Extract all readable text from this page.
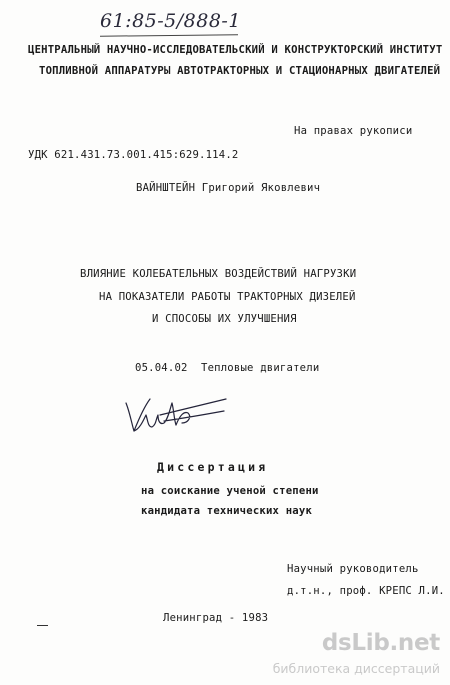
61:85-5/888-1
ЦЕНТРАЛЬНЫЙ НАУЧНО-ИССЛЕДОВАТЕЛЬСКИЙ И КОНСТРУКТОРСКИЙ ИНСТИТУТ
ТОПЛИВНОЙ АППАРАТУРЫ АВТОТРАКТОРНЫХ И СТАЦИОНАРНЫХ ДВИГАТЕЛЕЙ
На правах рукописи
УДК 621.431.73.001.415:629.114.2
ВАЙНШТЕЙН Григорий Яковлевич
ВЛИЯНИЕ КОЛЕБАТЕЛЬНЫХ ВОЗДЕЙСТВИЙ НАГРУЗКИ
НА ПОКАЗАТЕЛИ РАБОТЫ ТРАКТОРНЫХ ДИЗЕЛЕЙ
И СПОСОБЫ ИХ УЛУЧШЕНИЯ
05.04.02 Тепловые двигатели
Диссертация
на соискание ученой степени
кандидата технических наук
Научный руководитель
д.т.н., проф. КРЕПС Л.И.
Ленинград - 1983
dsLib.net
библиотека диссертаций
